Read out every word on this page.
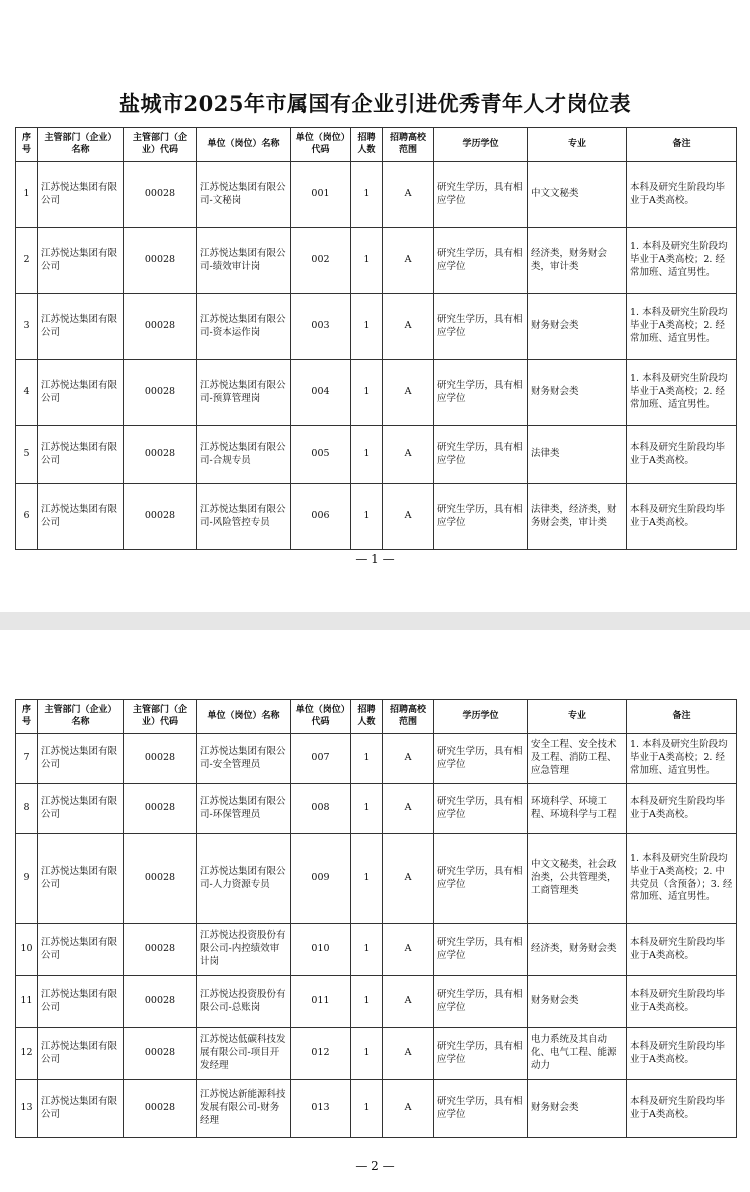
盐城市2025年市属国有企业引进优秀青年人才岗位表
序号	主管部门（企业）名称	主管部门（企业）代码	单位（岗位）名称	单位（岗位）代码	招聘人数	招聘高校范围	学历学位	专业	备注
1	江苏悦达集团有限公司	00028	江苏悦达集团有限公司-文秘岗	001	1	A	研究生学历，具有相应学位	中文文秘类	本科及研究生阶段均毕业于A类高校。
2	江苏悦达集团有限公司	00028	江苏悦达集团有限公司-绩效审计岗	002	1	A	研究生学历，具有相应学位	经济类，财务财会类，审计类	1. 本科及研究生阶段均毕业于A类高校；2. 经常加班、适宜男性。
3	江苏悦达集团有限公司	00028	江苏悦达集团有限公司-资本运作岗	003	1	A	研究生学历，具有相应学位	财务财会类	1. 本科及研究生阶段均毕业于A类高校；2. 经常加班、适宜男性。
4	江苏悦达集团有限公司	00028	江苏悦达集团有限公司-预算管理岗	004	1	A	研究生学历，具有相应学位	财务财会类	1. 本科及研究生阶段均毕业于A类高校；2. 经常加班、适宜男性。
5	江苏悦达集团有限公司	00028	江苏悦达集团有限公司-合规专员	005	1	A	研究生学历，具有相应学位	法律类	本科及研究生阶段均毕业于A类高校。
6	江苏悦达集团有限公司	00028	江苏悦达集团有限公司-风险管控专员	006	1	A	研究生学历，具有相应学位	法律类，经济类，财务财会类，审计类	本科及研究生阶段均毕业于A类高校。
— 1 —
序号	主管部门（企业）名称	主管部门（企业）代码	单位（岗位）名称	单位（岗位）代码	招聘人数	招聘高校范围	学历学位	专业	备注
7	江苏悦达集团有限公司	00028	江苏悦达集团有限公司-安全管理员	007	1	A	研究生学历，具有相应学位	安全工程、安全技术及工程、消防工程、应急管理	1. 本科及研究生阶段均毕业于A类高校；2. 经常加班、适宜男性。
8	江苏悦达集团有限公司	00028	江苏悦达集团有限公司-环保管理员	008	1	A	研究生学历，具有相应学位	环境科学、环境工程、环境科学与工程	本科及研究生阶段均毕业于A类高校。
9	江苏悦达集团有限公司	00028	江苏悦达集团有限公司-人力资源专员	009	1	A	研究生学历，具有相应学位	中文文秘类，社会政治类，公共管理类，工商管理类	1. 本科及研究生阶段均毕业于A类高校；2. 中共党员（含预备）；3. 经常加班、适宜男性。
10	江苏悦达集团有限公司	00028	江苏悦达投资股份有限公司-内控绩效审计岗	010	1	A	研究生学历，具有相应学位	经济类，财务财会类	本科及研究生阶段均毕业于A类高校。
11	江苏悦达集团有限公司	00028	江苏悦达投资股份有限公司-总账岗	011	1	A	研究生学历，具有相应学位	财务财会类	本科及研究生阶段均毕业于A类高校。
12	江苏悦达集团有限公司	00028	江苏悦达低碳科技发展有限公司-项目开发经理	012	1	A	研究生学历，具有相应学位	电力系统及其自动化、电气工程、能源动力	本科及研究生阶段均毕业于A类高校。
13	江苏悦达集团有限公司	00028	江苏悦达新能源科技发展有限公司-财务经理	013	1	A	研究生学历，具有相应学位	财务财会类	本科及研究生阶段均毕业于A类高校。
— 2 —
